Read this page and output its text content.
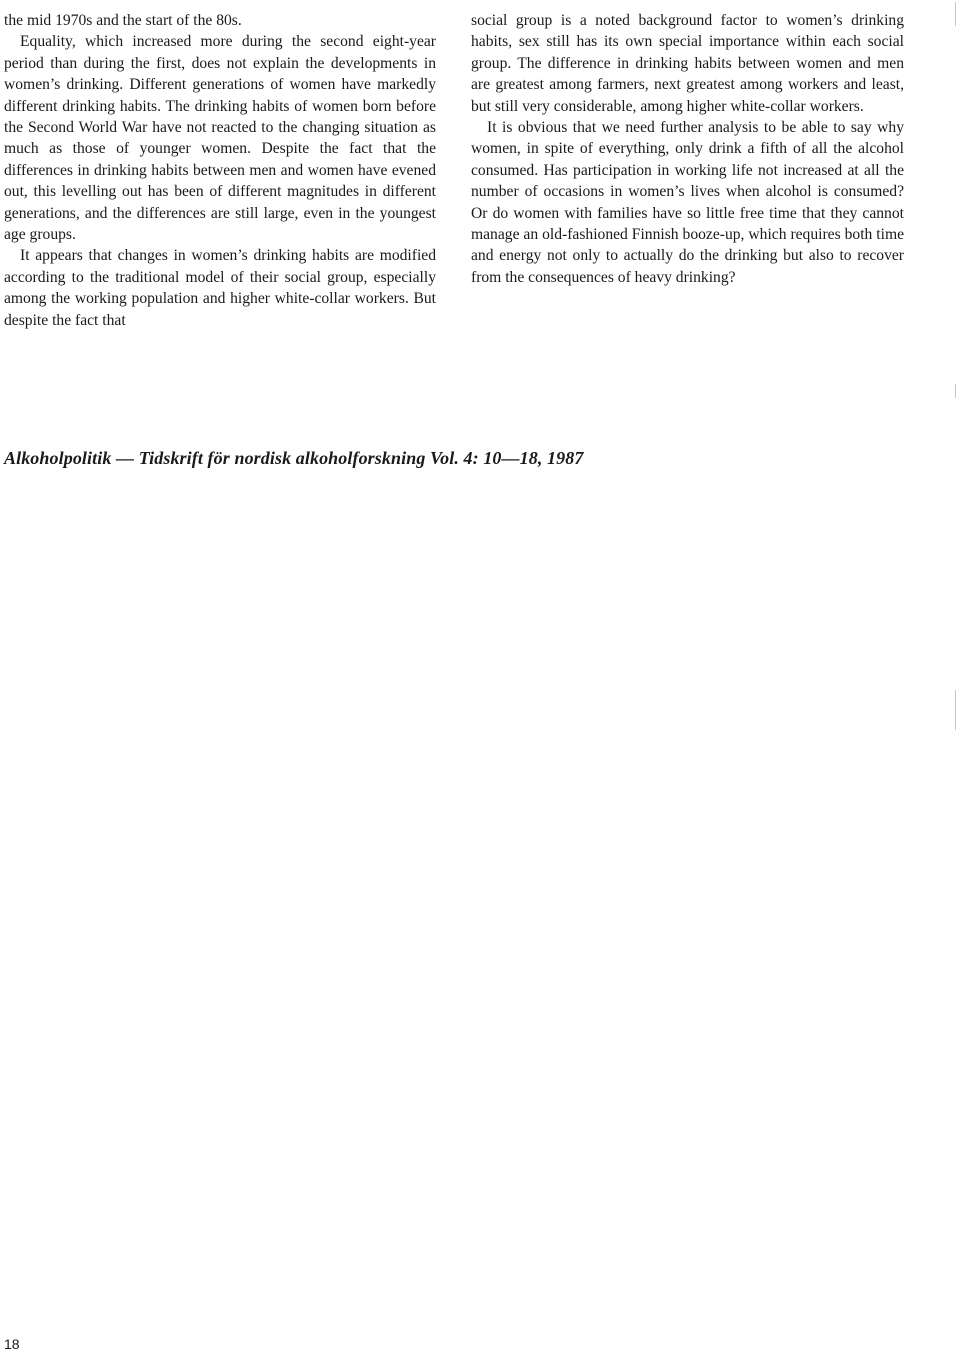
the mid 1970s and the start of the 80s.

Equality, which increased more during the second eight-year period than during the first, does not explain the developments in women’s drinking. Different generations of women have markedly different drinking habits. The drinking habits of women born before the Second World War have not reacted to the changing situation as much as those of younger women. Despite the fact that the differences in drinking habits between men and women have evened out, this levelling out has been of different magnitudes in different generations, and the differences are still large, even in the youngest age groups.

It appears that changes in women’s drinking habits are modified according to the traditional model of their social group, especially among the working population and higher white-collar workers. But despite the fact that

social group is a noted background factor to women’s drinking habits, sex still has its own special importance within each social group. The difference in drinking habits between women and men are greatest among farmers, next greatest among workers and least, but still very considerable, among higher white-collar workers.

It is obvious that we need further analysis to be able to say why women, in spite of everything, only drink a fifth of all the alcohol consumed. Has participation in working life not increased at all the number of occasions in women’s lives when alcohol is consumed? Or do women with families have so little free time that they cannot manage an old-fashioned Finnish booze-up, which requires both time and energy not only to actually do the drinking but also to recover from the consequences of heavy drinking?

Alkoholpolitik — Tidskrift för nordisk alkoholforskning Vol. 4: 10—18, 1987
18
